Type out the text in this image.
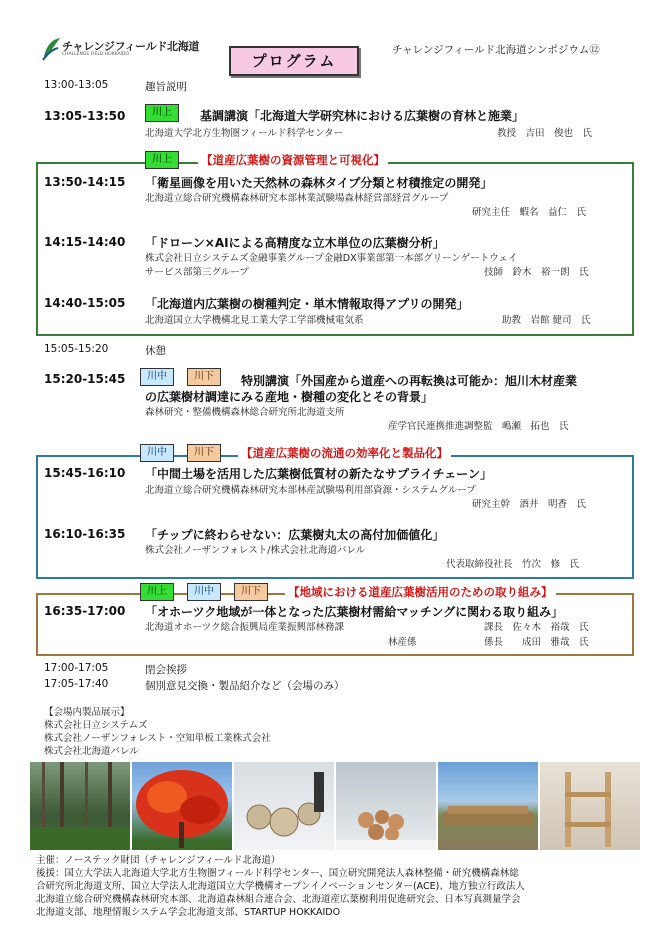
チャレンジフィールド北海道
CHALLENGE FIELD HOKKAIDO	プログラム
チャレンジフィールド北海道シンポジウム⑫
13:00-13:05	趣旨説明
13:05-13:50	川上	基調講演「北海道大学研究林における広葉樹の育林と施業」
北海道大学北方生物圏フィールド科学センター	教授　吉田　俊也　氏
川上	【道産広葉樹の資源管理と可視化】
13:50-14:15 「衛星画像を用いた天然林の森林タイプ分類と材積推定の開発」
北海道立総合研究機構森林研究本部林業試験場森林経営部経営グループ
研究主任　蝦名　益仁　氏
14:15-14:40 「ドローン×AIによる高精度な立木単位の広葉樹分析」
株式会社日立システムズ金融事業グループ金融DX事業部第一本部グリーンゲートウェイ
サービス部第三グループ	技師　鈴木　裕一朗　氏
14:40-15:05 「北海道内広葉樹の樹種判定・単木情報取得アプリの開発」
北海道国立大学機構北見工業大学工学部機械電気系	助教　岩館 健司　氏
15:05-15:20	休憩
15:20-15:45	川中	川下	特別講演「外国産から道産への再転換は可能か：旭川木材産業
の広葉樹材調達にみる産地・樹種の変化とその背景」
森林研究・整備機構森林総合研究所北海道支所
産学官民連携推進調整監　嶋瀬　拓也　氏
川中	川下	【道産広葉樹の流通の効率化と製品化】
15:45-16:10 「中間土場を活用した広葉樹低質材の新たなサプライチェーン」
北海道立総合研究機構森林研究本部林産試験場利用部資源・システムグループ
研究主幹　酒井　明香　氏
16:10-16:35 「チップに終わらせない：広葉樹丸太の高付加価値化」
株式会社ノーザンフォレスト/株式会社北海道バレル
代表取締役社長　竹次　修　氏
川上	川中	川下	【地域における道産広葉樹活用のための取り組み】
16:35-17:00 「オホーツク地域が一体となった広葉樹材需給マッチングに関わる取り組み」
北海道オホーツク総合振興局産業振興部林務課	課長　佐々木　裕哉　氏
林産係	係長　　成田　雅哉　氏
17:00-17:05	閉会挨拶
17:05-17:40	個別意見交換・製品紹介など（会場のみ）
【会場内製品展示】
株式会社日立システムズ
株式会社ノーザンフォレスト・空知単板工業株式会社
株式会社北海道バレル
主催：ノーステック財団（チャレンジフィールド北海道）
後援：国立大学法人北海道大学北方生物圏フィールド科学センター、国立研究開発法人森林整備・研究機構森林総
合研究所北海道支所、国立大学法人北海道国立大学機構オープンイノベーションセンター(ACE)、地方独立行政法人
北海道立総合研究機構森林研究本部、北海道森林組合連合会、北海道産広葉樹利用促進研究会、日本写真測量学会
北海道支部、地理情報システム学会北海道支部、STARTUP HOKKAIDO
